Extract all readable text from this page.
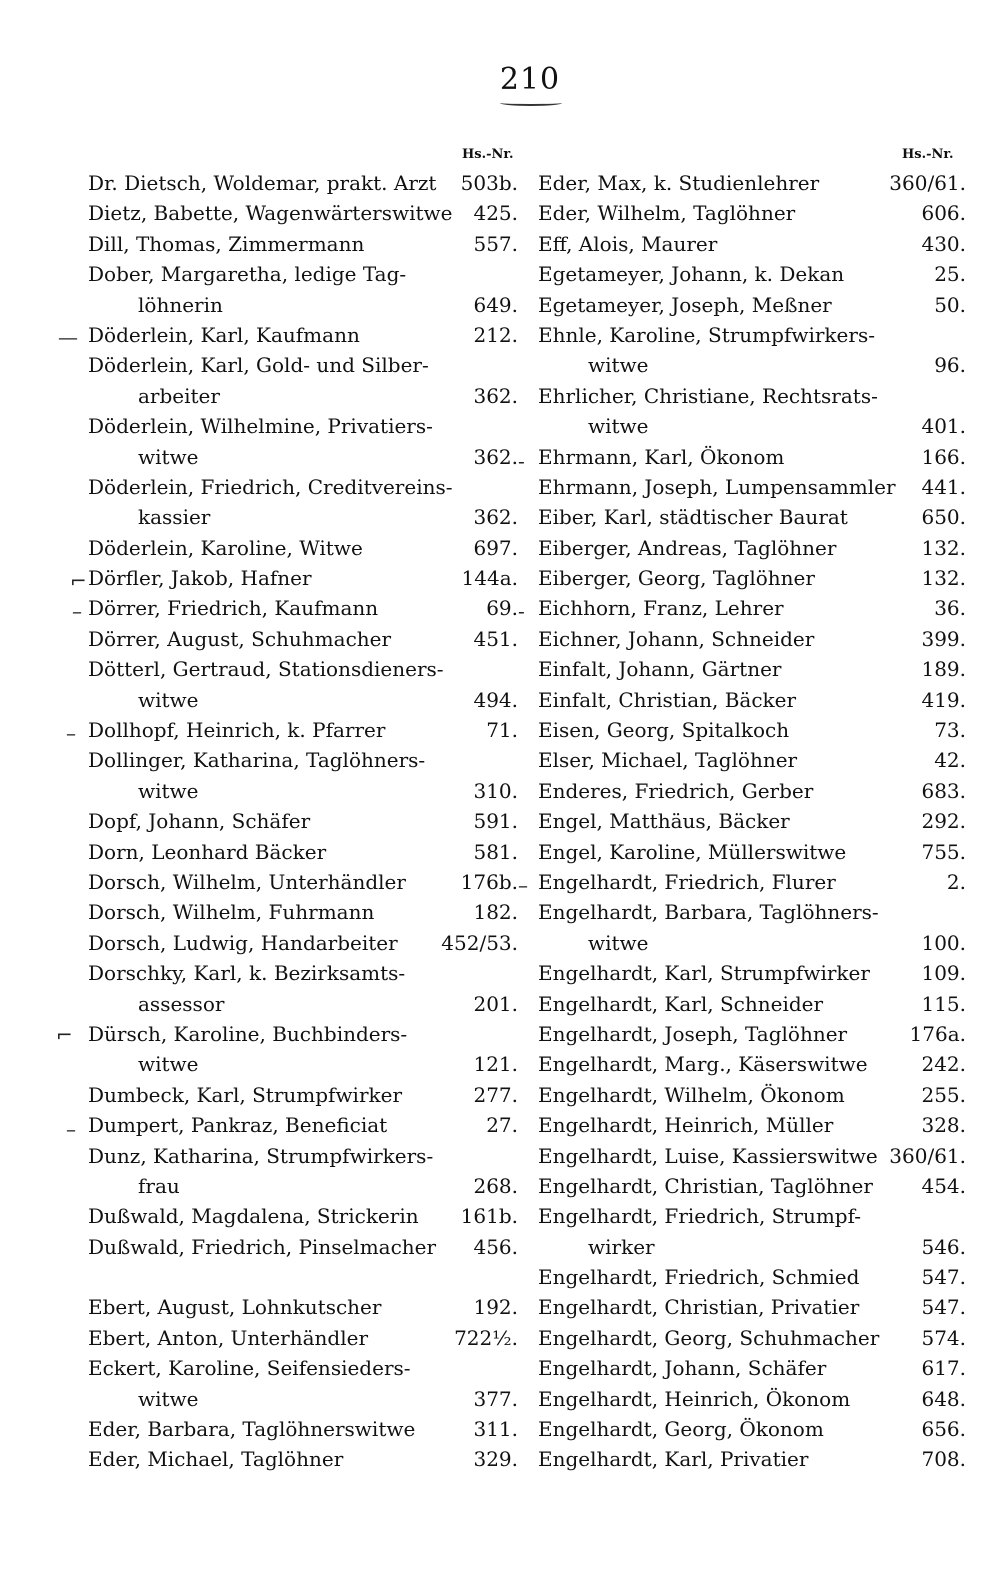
210
Hs.-Nr.	Hs.-Nr.
Dr. Dietsch, Woldemar, prakt. Arzt 503b.
Dietz, Babette, Wagenwärterswitwe 425.
Dill, Thomas, Zimmermann	557.
Dober, Margaretha, ledige Tag-
löhnerin	649.
Döderlein, Karl, Kaufmann	212.
Döderlein, Karl, Gold- und Silber-
arbeiter	362.
Döderlein, Wilhelmine, Privatiers-
witwe	362.
Döderlein, Friedrich, Creditvereins-
kassier	362.
Döderlein, Karoline, Witwe	697.
Dörfler, Jakob, Hafner	144a.
Dörrer, Friedrich, Kaufmann	69.
Dörrer, August, Schuhmacher	451.
Dötterl, Gertraud, Stationsdieners-
witwe	494.
Dollhopf, Heinrich, k. Pfarrer	71.
Dollinger, Katharina, Taglöhners-
witwe	310.
Dopf, Johann, Schäfer	591.
Dorn, Leonhard Bäcker	581.
Dorsch, Wilhelm, Unterhändler	176b.
Dorsch, Wilhelm, Fuhrmann	182.
Dorsch, Ludwig, Handarbeiter 452/53.
Dorschky, Karl, k. Bezirksamts-
assessor	201.
Dürsch, Karoline, Buchbinders-
witwe	121.
Dumbeck, Karl, Strumpfwirker	277.
Dumpert, Pankraz, Beneficiat	27.
Dunz, Katharina, Strumpfwirkers-
frau	268.
Dußwald, Magdalena, Strickerin 161b.
Dußwald, Friedrich, Pinselmacher 456.
Ebert, August, Lohnkutscher	192.
Ebert, Anton, Unterhändler	722½.
Eckert, Karoline, Seifensieders-
witwe	377.
Eder, Barbara, Taglöhnerswitwe	311.
Eder, Michael, Taglöhner	329.
Eder, Max, k. Studienlehrer	360/61.
Eder, Wilhelm, Taglöhner	606.
Eff, Alois, Maurer	430.
Egetameyer, Johann, k. Dekan	25.
Egetameyer, Joseph, Meßner	50.
Ehnle, Karoline, Strumpfwirkers-
witwe	96.
Ehrlicher, Christiane, Rechtsrats-
witwe	401.
Ehrmann, Karl, Ökonom	166.
Ehrmann, Joseph, Lumpensammler 441.
Eiber, Karl, städtischer Baurat	650.
Eiberger, Andreas, Taglöhner	132.
Eiberger, Georg, Taglöhner	132.
Eichhorn, Franz, Lehrer	36.
Eichner, Johann, Schneider	399.
Einfalt, Johann, Gärtner	189.
Einfalt, Christian, Bäcker	419.
Eisen, Georg, Spitalkoch	73.
Elser, Michael, Taglöhner	42.
Enderes, Friedrich, Gerber	683.
Engel, Matthäus, Bäcker	292.
Engel, Karoline, Müllerswitwe	755.
Engelhardt, Friedrich, Flurer	2.
Engelhardt, Barbara, Taglöhners-
witwe	100.
Engelhardt, Karl, Strumpfwirker	109.
Engelhardt, Karl, Schneider	115.
Engelhardt, Joseph, Taglöhner	176a.
Engelhardt, Marg., Käserswitwe	242.
Engelhardt, Wilhelm, Ökonom	255.
Engelhardt, Heinrich, Müller	328.
Engelhardt, Luise, Kassierswitwe 360/61.
Engelhardt, Christian, Taglöhner 454.
Engelhardt, Friedrich, Strumpf-
wirker	546.
Engelhardt, Friedrich, Schmied	547.
Engelhardt, Christian, Privatier	547.
Engelhardt, Georg, Schuhmacher 574.
Engelhardt, Johann, Schäfer	617.
Engelhardt, Heinrich, Ökonom	648.
Engelhardt, Georg, Ökonom	656.
Engelhardt, Karl, Privatier	708.
—
⌐
–
–
⌐
–
-
-
–
